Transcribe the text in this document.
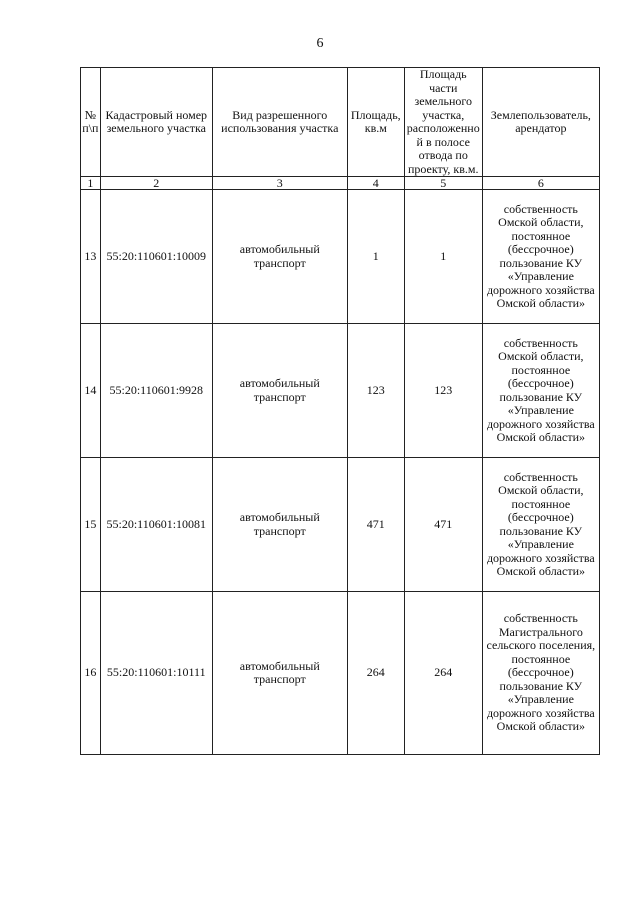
6
№ п\п	Кадастровый номер земельного участка	Вид разрешенного использования участка	Площадь, кв.м	Площадь части земельного участка, расположенной в полосе отвода по проекту, кв.м.	Землепользователь, арендатор
1	2	3	4	5	6
13	55:20:110601:10009	автомобильный транспорт	1	1	собственность Омской области, постоянное (бессрочное) пользование КУ «Управление дорожного хозяйства Омской области»
14	55:20:110601:9928	автомобильный транспорт	123	123	собственность Омской области, постоянное (бессрочное) пользование КУ «Управление дорожного хозяйства Омской области»
15	55:20:110601:10081	автомобильный транспорт	471	471	собственность Омской области, постоянное (бессрочное) пользование КУ «Управление дорожного хозяйства Омской области»
16	55:20:110601:10111	автомобильный транспорт	264	264	собственность Магистрального сельского поселения, постоянное (бессрочное) пользование КУ «Управление дорожного хозяйства Омской области»
